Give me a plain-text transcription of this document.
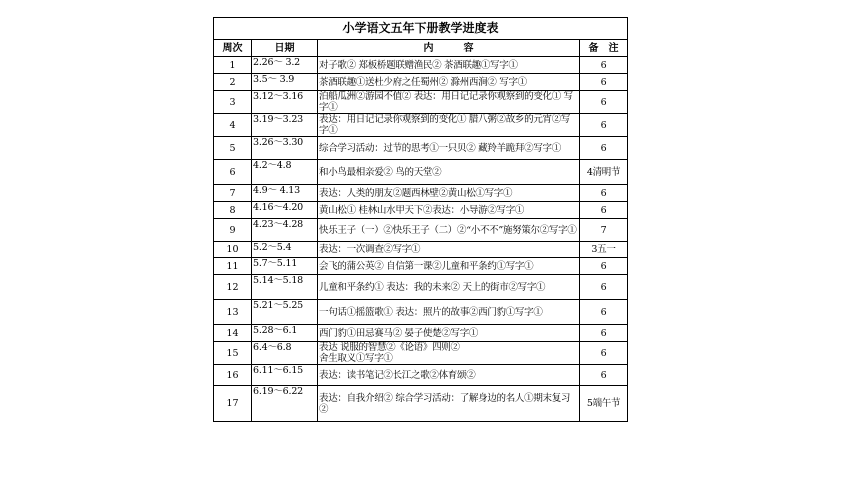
小学语文五年下册教学进度表			
周次	日期	内　　　容	备　注
1	2.26～ 3.2	对子歌② 郑板桥题联赠渔民② 茶酒联趣①写字①	6
2	3.5～ 3.9	茶酒联趣①送杜少府之任蜀州② 滁州西涧② 写字①	6
3	3.12～3.16	泊船瓜洲②游园不值② 表达：用日记记录你观察到的变化① 写字①	6
4	3.19～3.23	表达：用日记记录你观察到的变化① 腊八粥②故乡的元宵②写字①	6
5	3.26～3.30	综合学习活动：过节的思考①一只贝② 藏羚羊跪拜②写字①	6
6	4.2～4.8	和小鸟最相亲爱② 鸟的天堂②	4清明节
7	4.9～ 4.13	表达：人类的朋友②题西林壁②黄山松①写字①	6
8	4.16～4.20	黄山松① 桂林山水甲天下②表达：小导游②写字①	6
9	4.23～4.28	快乐王子（一）②快乐王子（二）②“小不不”施努策尔②写字①	7
10	5.2～5.4	表达：一次调查②写字①	3五一
11	5.7～5.11	会飞的蒲公英② 自信第一课②儿童和平条约①写字①	6
12	5.14～5.18	儿童和平条约① 表达：我的未来② 天上的街市②写字①	6
13	5.21～5.25	一句话①摇篮歌① 表达：照片的故事②西门豹①写字①	6
14	5.28～6.1	西门豹①田忌赛马② 晏子使楚②写字①	6
15	6.4～6.8	表达 说服的智慧②《论语》四则②
舍生取义①写字①	6
16	6.11～6.15	表达：读书笔记②长江之歌②体育颂②	6
17	6.19～6.22	表达：自我介绍② 综合学习活动：了解身边的名人①期末复习②	5端午节
